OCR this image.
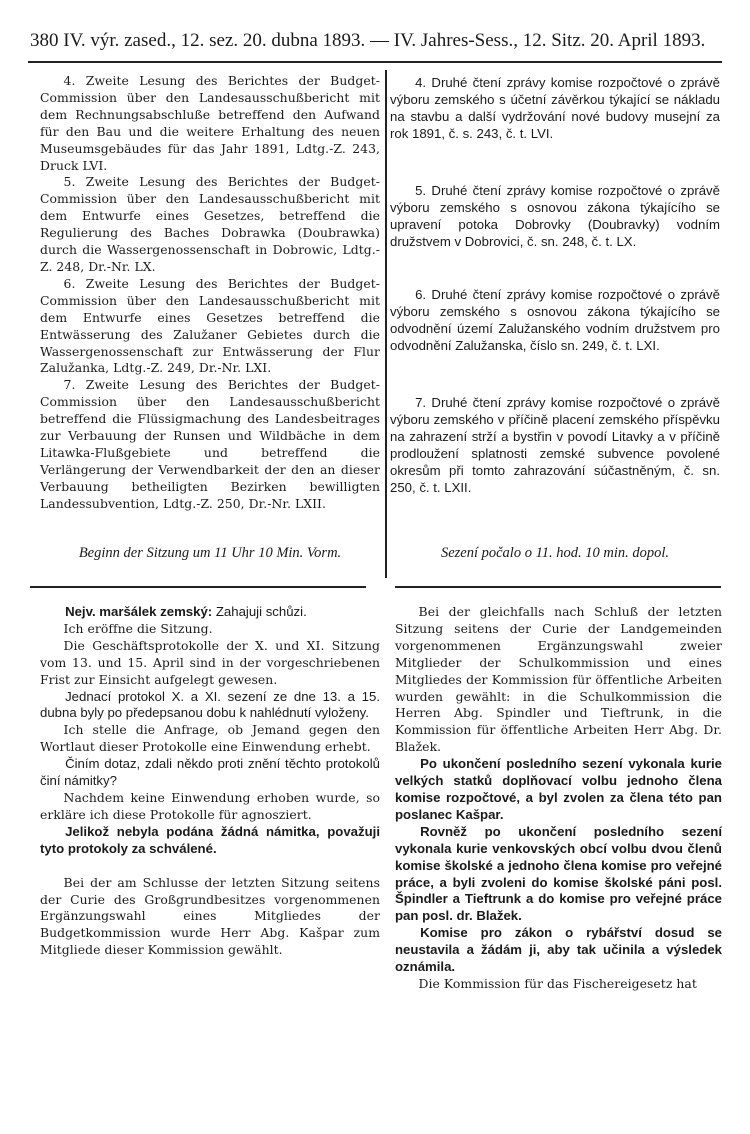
380 IV. výr. zased., 12. sez. 20. dubna 1893. — IV. Jahres-Sess., 12. Sitz. 20. April 1893.

4. Zweite Lesung des Berichtes der Budget-Commission über den Landesausschußbericht mit dem Rechnungsabschluße betreffend den Aufwand für den Bau und die weitere Erhaltung des neuen Museumsgebäudes für das Jahr 1891, Ldtg.-Z. 243, Druck LVI.

5. Zweite Lesung des Berichtes der Budget-Commission über den Landesausschußbericht mit dem Entwurfe eines Gesetzes, betreffend die Regulierung des Baches Dobrawka (Doubrawka) durch die Wassergenossenschaft in Dobrowic, Ldtg.-Z. 248, Dr.-Nr. LX.

6. Zweite Lesung des Berichtes der Budget-Commission über den Landesausschußbericht mit dem Entwurfe eines Gesetzes betreffend die Entwässerung des Zalužaner Gebietes durch die Wassergenossenschaft zur Entwässerung der Flur Zalužanka, Ldtg.-Z. 249, Dr.-Nr. LXI.

7. Zweite Lesung des Berichtes der Budget-Commission über den Landesausschußbericht betreffend die Flüssigmachung des Landesbeitrages zur Verbauung der Runsen und Wildbäche in dem Litawka-Flußgebiete und betreffend die Verlängerung der Verwendbarkeit der den an dieser Verbauung betheiligten Bezirken bewilligten Landessubvention, Ldtg.-Z. 250, Dr.-Nr. LXII.

4. Druhé čtení zprávy komise rozpočtové o zprávě výboru zemského s účetní závěrkou týkající se nákladu na stavbu a další vydržování nové budovy musejní za rok 1891, č. s. 243, č. t. LVI.

5. Druhé čtení zprávy komise rozpočtové o zprávě výboru zemského s osnovou zákona týkajícího se upravení potoka Dobrovky (Doubravky) vodním družstvem v Dobrovici, č. sn. 248, č. t. LX.

6. Druhé čtení zprávy komise rozpočtové o zprávě výboru zemského s osnovou zákona týkajícího se odvodnění území Zalužanského vodním družstvem pro odvodnění Zalužanska, číslo sn. 249, č. t. LXI.

7. Druhé čtení zprávy komise rozpočtové o zprávě výboru zemského v příčině placení zemského příspěvku na zahrazení strží a bystřin v povodí Litavky a v příčině prodloužení splatnosti zemské subvence povolené okresům při tomto zahrazování súčastněným, č. sn. 250, č. t. LXII.

Beginn der Sitzung um 11 Uhr 10 Min. Vorm.	Sezení počalo o 11. hod. 10 min. dopol.

Nejv. maršálek zemský: Zahajuji schůzi.

Ich eröffne die Sitzung.

Die Geschäftsprotokolle der X. und XI. Sitzung vom 13. und 15. April sind in der vorgeschriebenen Frist zur Einsicht aufgelegt gewesen.

Jednací protokol X. a XI. sezení ze dne 13. a 15. dubna byly po předepsanou dobu k nahlédnutí vyloženy.

Ich stelle die Anfrage, ob Jemand gegen den Wortlaut dieser Protokolle eine Einwendung erhebt.

Činím dotaz, zdali někdo proti znění těchto protokolů činí námitky?

Nachdem keine Einwendung erhoben wurde, so erkläre ich diese Protokolle für agnosziert.

Jelikož nebyla podána žádná námitka, považuji tyto protokoly za schválené.

Bei der am Schlusse der letzten Sitzung seitens der Curie des Großgrundbesitzes vorgenommenen Ergänzungswahl eines Mitgliedes der Budgetkommission wurde Herr Abg. Kašpar zum Mitgliede dieser Kommission gewählt.

Bei der gleichfalls nach Schluß der letzten Sitzung seitens der Curie der Landgemeinden vorgenommenen Ergänzungswahl zweier Mitglieder der Schulkommission und eines Mitgliedes der Kommission für öffentliche Arbeiten wurden gewählt: in die Schulkommission die Herren Abg. Spindler und Tieftrunk, in die Kommission für öffentliche Arbeiten Herr Abg. Dr. Blažek.

Po ukončení posledního sezení vykonala kurie velkých statků doplňovací volbu jednoho člena komise rozpočtové, a byl zvolen za člena této pan poslanec Kašpar.

Rovněž po ukončení posledního sezení vykonala kurie venkovských obcí volbu dvou členů komise školské a jednoho člena komise pro veřejné práce, a byli zvoleni do komise školské páni posl. Špindler a Tieftrunk a do komise pro veřejné práce pan posl. dr. Blažek.

Komise pro zákon o rybářství dosud se neustavila a žádám ji, aby tak učinila a výsledek oznámila.

Die Kommission für das Fischereigesetz hat
